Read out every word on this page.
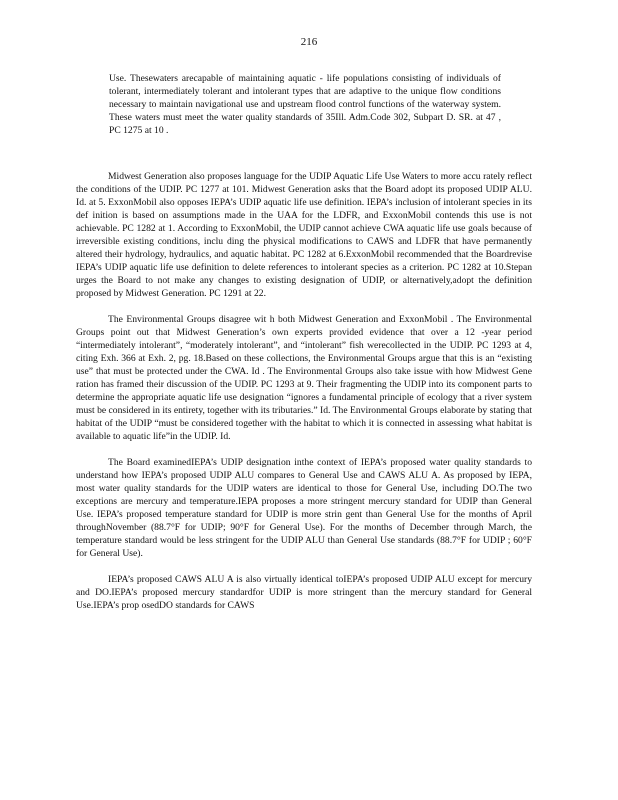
216

Use. Thesewaters arecapable of maintaining aquatic - life populations consisting of individuals of tolerant, intermediately tolerant and intolerant types that are adaptive to the unique flow conditions necessary to maintain navigational use and upstream flood control functions of the waterway system. These waters must meet the water quality standards of 35Ill. Adm.Code 302, Subpart D. SR. at 47 , PC 1275 at 10 .

Midwest Generation also proposes language for the UDIP Aquatic Life Use Waters to more accu rately reflect the conditions of the UDIP. PC 1277 at 101. Midwest Generation asks that the Board adopt its proposed UDIP ALU. Id. at 5. ExxonMobil also opposes IEPA’s UDIP aquatic life use definition. IEPA’s inclusion of intolerant species in its def inition is based on assumptions made in the UAA for the LDFR, and ExxonMobil contends this use is not achievable. PC 1282 at 1. According to ExxonMobil, the UDIP cannot achieve CWA aquatic life use goals because of irreversible existing conditions, inclu ding the physical modifications to CAWS and LDFR that have permanently altered their hydrology, hydraulics, and aquatic habitat. PC 1282 at 6.ExxonMobil recommended that the Boardrevise IEPA’s UDIP aquatic life use definition to delete references to intolerant species as a criterion. PC 1282 at 10.Stepan urges the Board to not make any changes to existing designation of UDIP, or alternatively,adopt the definition proposed by Midwest Generation. PC 1291 at 22.

The Environmental Groups disagree wit h both Midwest Generation and ExxonMobil . The Environmental Groups point out that Midwest Generation’s own experts provided evidence that over a 12 -year period “intermediately intolerant”, “moderately intolerant”, and “intolerant” fish werecollected in the UDIP. PC 1293 at 4, citing Exh. 366 at Exh. 2, pg. 18.Based on these collections, the Environmental Groups argue that this is an “existing use” that must be protected under the CWA. Id . The Environmental Groups also take issue with how Midwest Gene ration has framed their discussion of the UDIP. PC 1293 at 9. Their fragmenting the UDIP into its component parts to determine the appropriate aquatic life use designation “ignores a fundamental principle of ecology that a river system must be considered in its entirety, together with its tributaries.” Id. The Environmental Groups elaborate by stating that habitat of the UDIP “must be considered together with the habitat to which it is connected in assessing what habitat is available to aquatic life”in the UDIP. Id.

The Board examinedIEPA’s UDIP designation inthe context of IEPA’s proposed water quality standards to understand how IEPA’s proposed UDIP ALU compares to General Use and CAWS ALU A. As proposed by IEPA, most water quality standards for the UDIP waters are identical to those for General Use, including DO.The two exceptions are mercury and temperature.IEPA proposes a more stringent mercury standard for UDIP than General Use. IEPA’s proposed temperature standard for UDIP is more strin gent than General Use for the months of April throughNovember (88.7°F for UDIP; 90°F for General Use). For the months of December through March, the temperature standard would be less stringent for the UDIP ALU than General Use standards (88.7°F for UDIP ; 60°F for General Use).

IEPA’s proposed CAWS ALU A is also virtually identical toIEPA’s proposed UDIP ALU except for mercury and DO.IEPA’s proposed mercury standardfor UDIP is more stringent than the mercury standard for General Use.IEPA’s prop osedDO standards for CAWS
